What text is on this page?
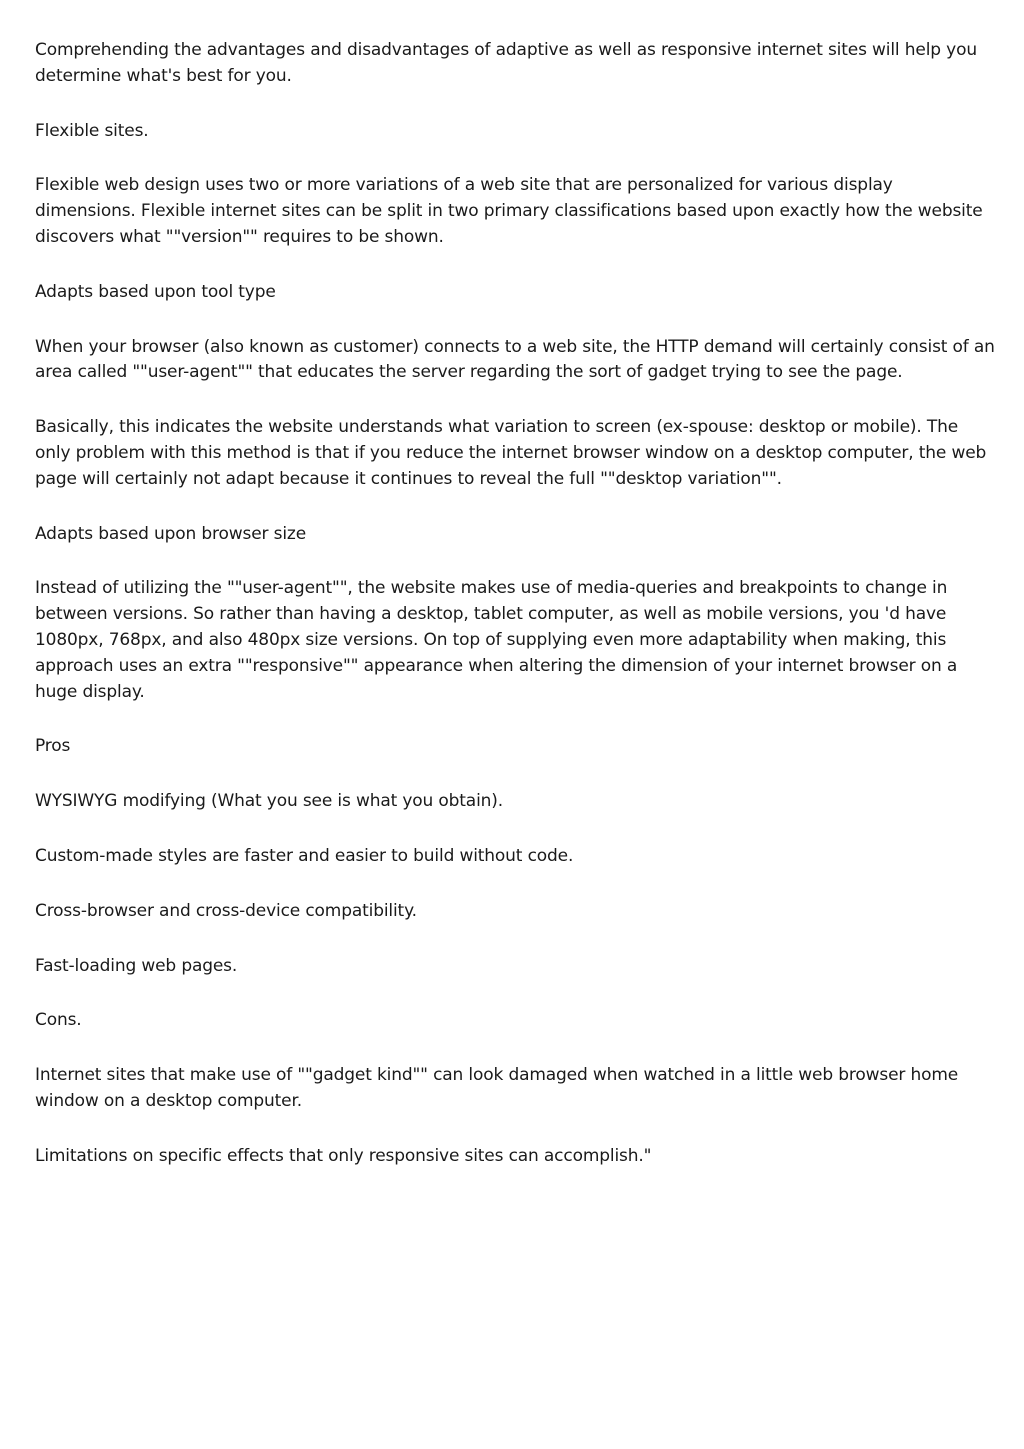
Comprehending the advantages and disadvantages of adaptive as well as responsive internet sites will help you determine what's best for you.

Flexible sites.

Flexible web design uses two or more variations of a web site that are personalized for various display dimensions. Flexible internet sites can be split in two primary classifications based upon exactly how the website discovers what ""version"" requires to be shown.

Adapts based upon tool type

When your browser (also known as customer) connects to a web site, the HTTP demand will certainly consist of an area called ""user-agent"" that educates the server regarding the sort of gadget trying to see the page.

Basically, this indicates the website understands what variation to screen (ex-spouse: desktop or mobile). The only problem with this method is that if you reduce the internet browser window on a desktop computer, the web page will certainly not adapt because it continues to reveal the full ""desktop variation"".

Adapts based upon browser size

Instead of utilizing the ""user-agent"", the website makes use of media-queries and breakpoints to change in between versions. So rather than having a desktop, tablet computer, as well as mobile versions, you 'd have 1080px, 768px, and also 480px size versions. On top of supplying even more adaptability when making, this approach uses an extra ""responsive"" appearance when altering the dimension of your internet browser on a huge display.

Pros

WYSIWYG modifying (What you see is what you obtain).

Custom-made styles are faster and easier to build without code.

Cross-browser and cross-device compatibility.

Fast-loading web pages.

Cons.

Internet sites that make use of ""gadget kind"" can look damaged when watched in a little web browser home window on a desktop computer.

Limitations on specific effects that only responsive sites can accomplish."
